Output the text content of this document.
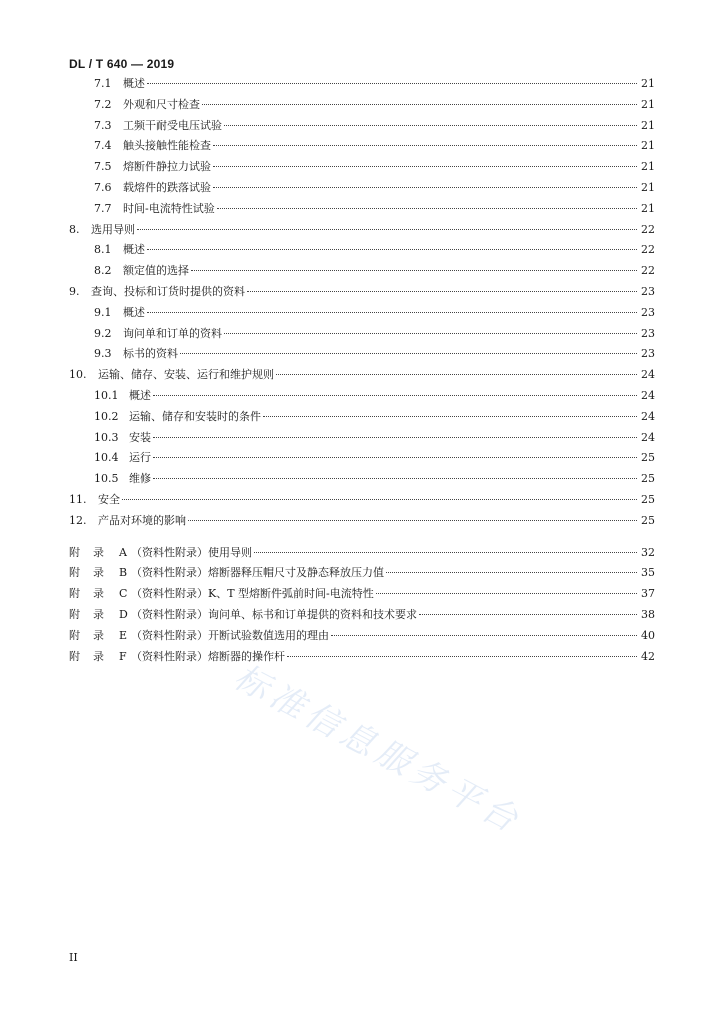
DL / T 640 — 2019
7.1	概述	21
7.2	外观和尺寸检查	21
7.3	工频干耐受电压试验	21
7.4	触头接触性能检查	21
7.5	熔断件静拉力试验	21
7.6	载熔件的跌落试验	21
7.7	时间-电流特性试验	21
8.	选用导则	22
8.1	概述	22
8.2	额定值的选择	22
9.	查询、投标和订货时提供的资料	23
9.1	概述	23
9.2	询问单和订单的资料	23
9.3	标书的资料	23
10.	运输、储存、安装、运行和维护规则	24
10.1 概述	24
10.2 运输、储存和安装时的条件	24
10.3 安装	24
10.4 运行	25
10.5 维修	25
11.	安全	25
12.	产品对环境的影响	25
附	录	A （资料性附录）使用导则	32
附	录	B （资料性附录）熔断器释压帽尺寸及静态释放压力值	35
附	录	C （资料性附录）K、T 型熔断件弧前时间-电流特性	37
附	录	D （资料性附录）询问单、标书和订单提供的资料和技术要求	38
附	录	E （资料性附录）开断试验数值选用的理由	40
附	录	F （资料性附录）熔断器的操作杆	42
标准信息服务平台
II
